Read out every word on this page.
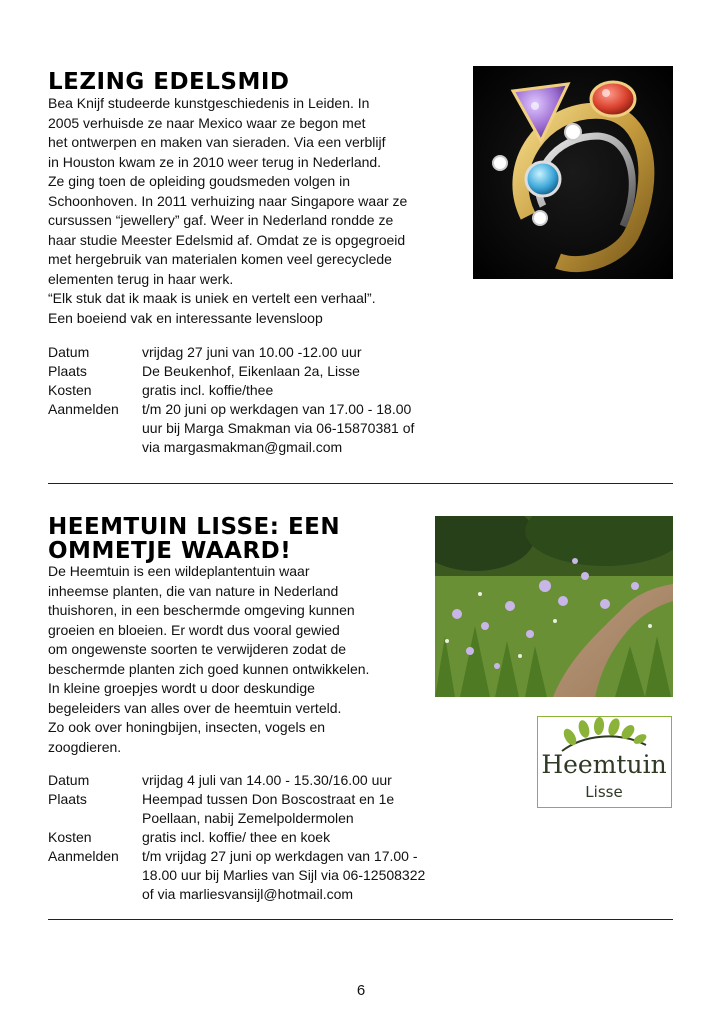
LEZING EDELSMID

Bea Knijf studeerde kunstgeschiedenis in Leiden. In

2005 verhuisde ze naar Mexico waar ze begon met

het ontwerpen en maken van sieraden. Via een verblijf

in Houston kwam ze in 2010 weer terug in Nederland.

Ze ging toen de opleiding goudsmeden volgen in

Schoonhoven. In 2011 verhuizing naar Singapore waar ze

cursussen “jewellery” gaf. Weer in Nederland rondde ze

haar studie Meester Edelsmid af. Omdat ze is opgegroeid

met hergebruik van materialen komen veel gerecyclede

elementen terug in haar werk.

“Elk stuk dat ik maak is uniek en vertelt een verhaal”.

Een boeiend vak en interessante levensloop

Datum	vrijdag 27 juni van 10.00 -12.00 uur
Plaats	De Beukenhof, Eikenlaan 2a, Lisse
Kosten	gratis incl. koffie/thee
Aanmelden	t/m 20 juni op werkdagen van 17.00 - 18.00
	uur bij Marga Smakman via 06-15870381 of
	via margasmakman@gmail.com
HEEMTUIN LISSE: EEN
OMMETJE WAARD!

De Heemtuin is een wildeplantentuin waar

inheemse planten, die van nature in Nederland

thuishoren, in een beschermde omgeving kunnen

groeien en bloeien. Er wordt dus vooral gewied

om ongewenste soorten te verwijderen zodat de

beschermde planten zich goed kunnen ontwikkelen.

In kleine groepjes wordt u door deskundige

begeleiders van alles over de heemtuin verteld.

Zo ook over honingbijen, insecten, vogels en

zoogdieren.

Heemtuin
Lisse
Datum	vrijdag 4 juli van 14.00 - 15.30/16.00 uur
Plaats	Heempad tussen Don Boscostraat en 1e
	Poellaan, nabij Zemelpoldermolen
Kosten	gratis incl. koffie/ thee en koek
Aanmelden	t/m vrijdag 27 juni op werkdagen van 17.00 -
	18.00 uur bij Marlies van Sijl via 06-12508322
	of via marliesvansijl@hotmail.com
6
